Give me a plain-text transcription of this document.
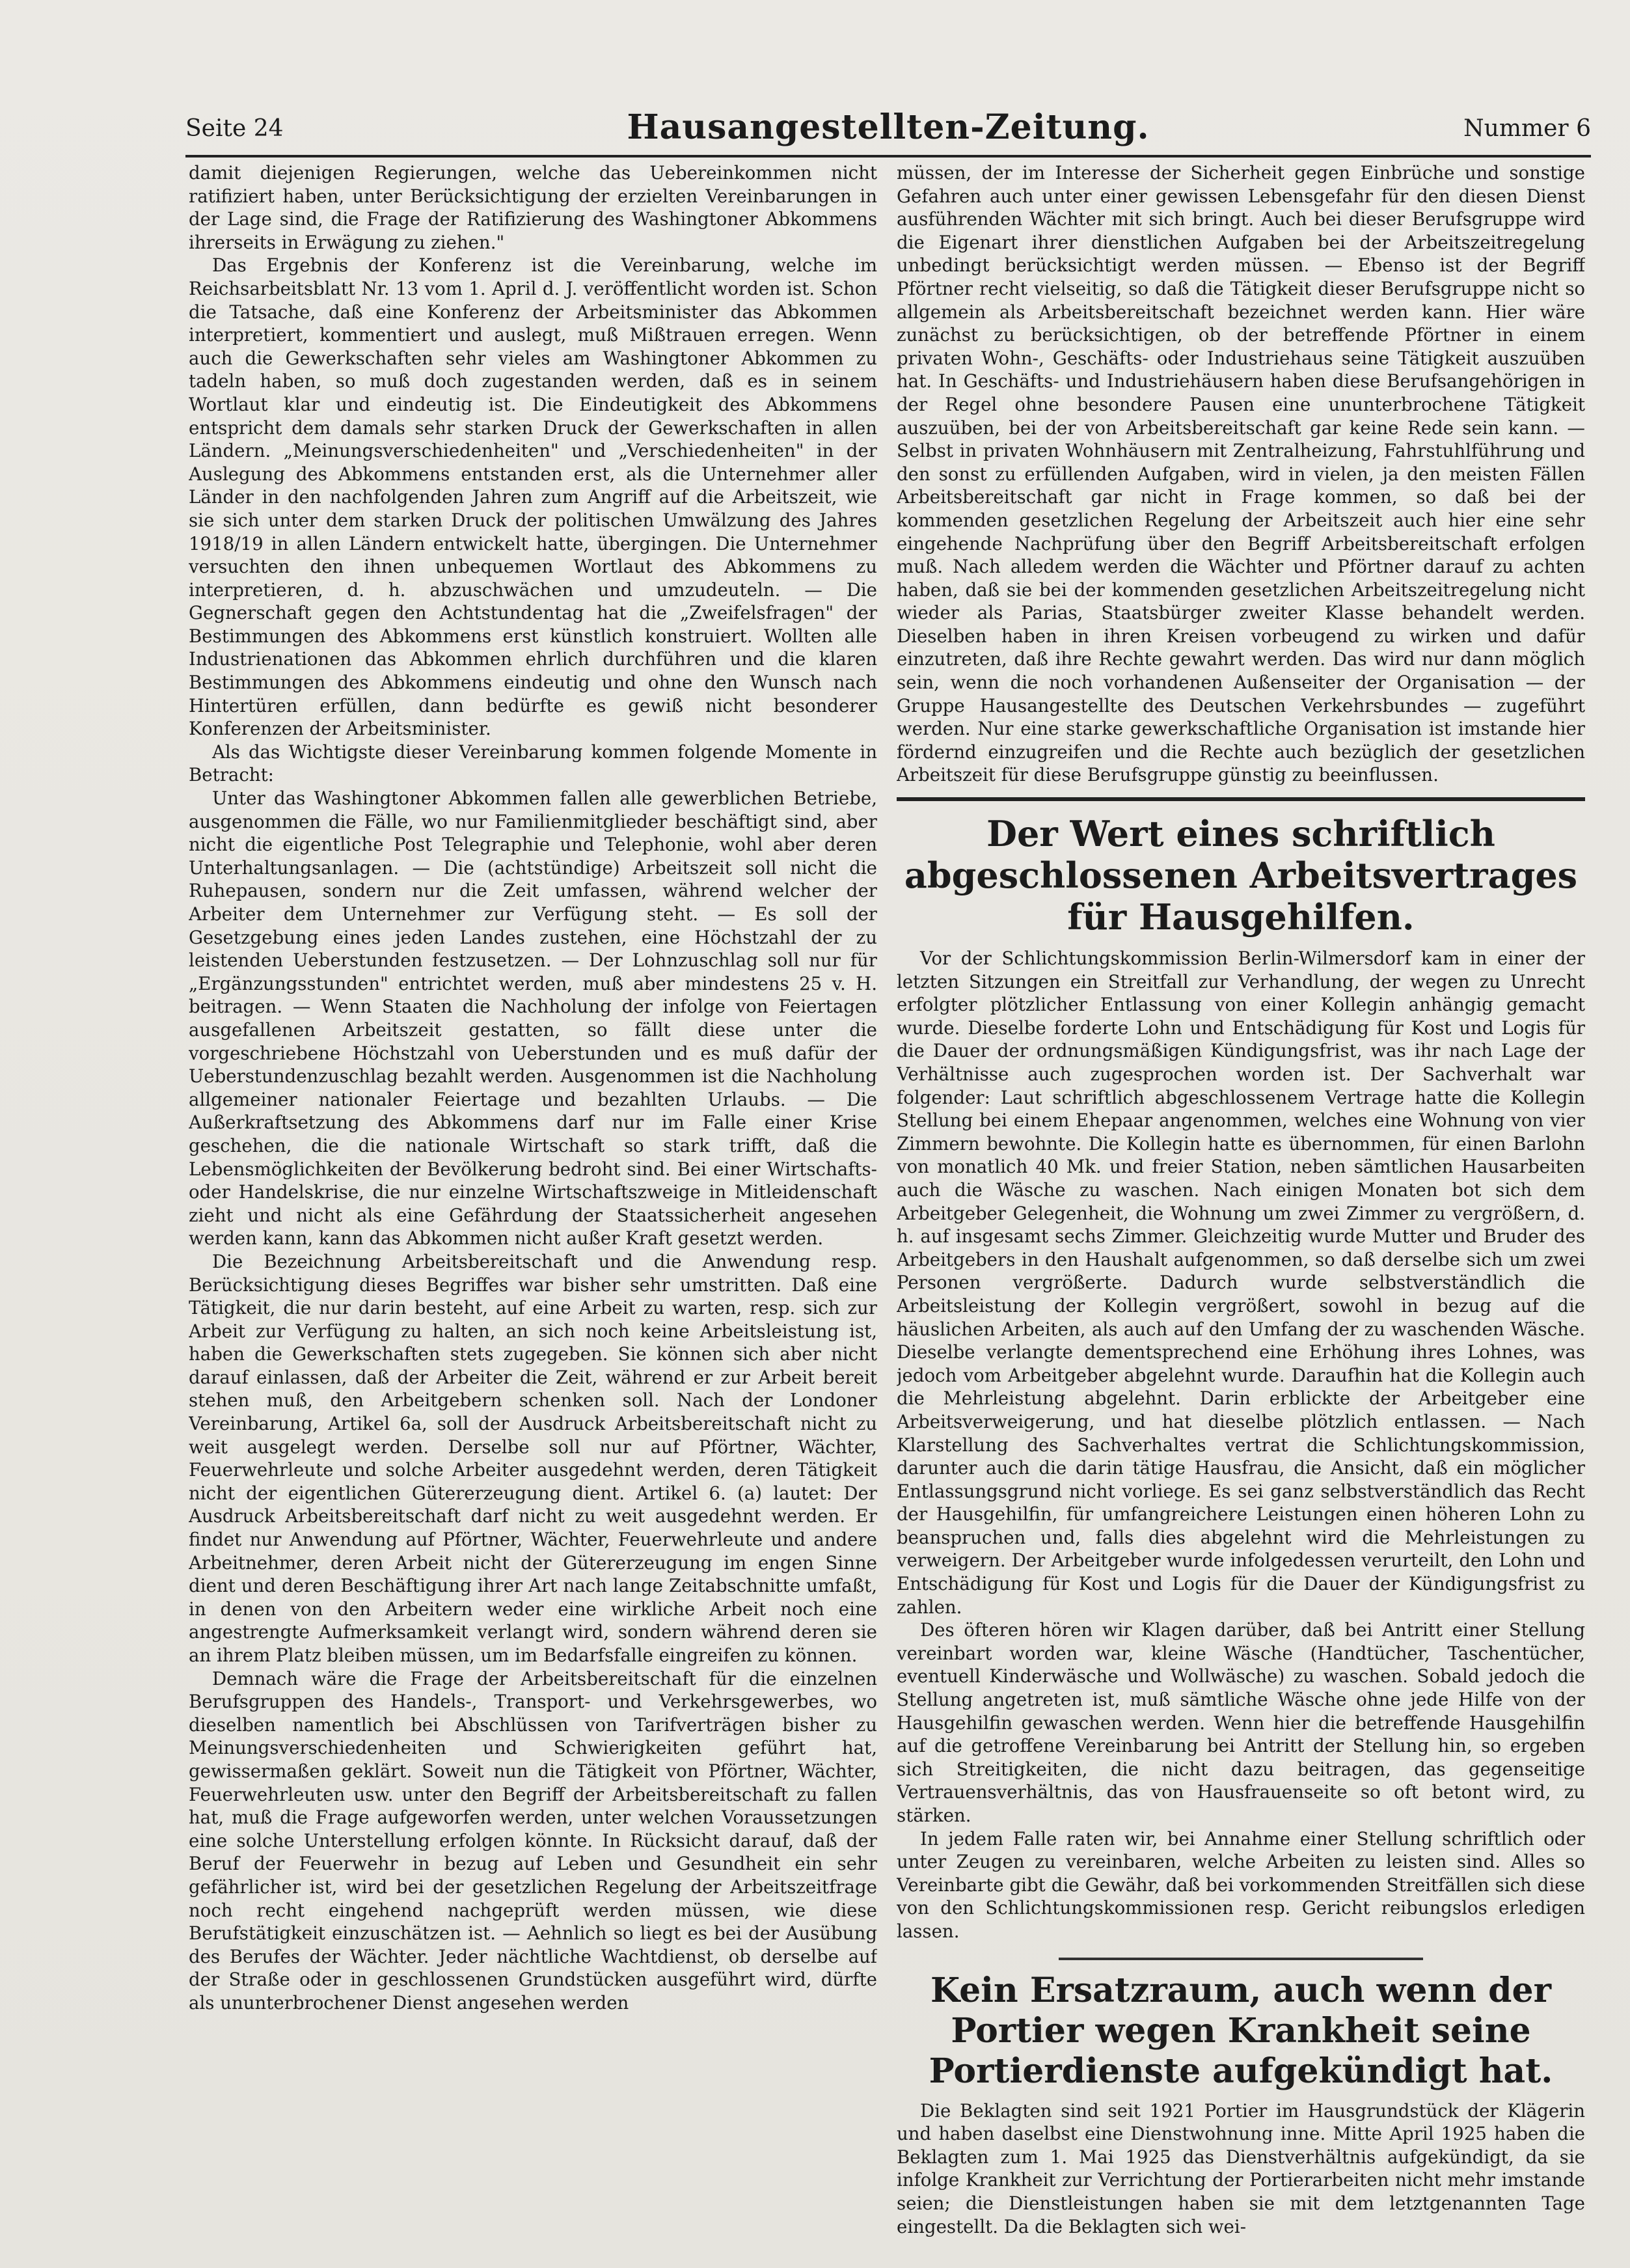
Seite 24	Hausangestellten-Zeitung.	Nummer 6

damit diejenigen Regierungen, welche das Uebereinkommen nicht ratifiziert haben, unter Berücksichtigung der erzielten Vereinbarungen in der Lage sind, die Frage der Ratifizierung des Washingtoner Abkommens ihrerseits in Erwägung zu ziehen."

Das Ergebnis der Konferenz ist die Vereinbarung, welche im Reichsarbeitsblatt Nr. 13 vom 1. April d. J. veröffentlicht worden ist. Schon die Tatsache, daß eine Konferenz der Arbeitsminister das Abkommen interpretiert, kommentiert und auslegt, muß Mißtrauen erregen. Wenn auch die Gewerkschaften sehr vieles am Washingtoner Abkommen zu tadeln haben, so muß doch zugestanden werden, daß es in seinem Wortlaut klar und eindeutig ist. Die Eindeutigkeit des Abkommens entspricht dem damals sehr starken Druck der Gewerkschaften in allen Ländern. „Meinungsverschiedenheiten" und „Verschiedenheiten" in der Auslegung des Abkommens entstanden erst, als die Unternehmer aller Länder in den nachfolgenden Jahren zum Angriff auf die Arbeitszeit, wie sie sich unter dem starken Druck der politischen Umwälzung des Jahres 1918/19 in allen Ländern entwickelt hatte, übergingen. Die Unternehmer versuchten den ihnen unbequemen Wortlaut des Abkommens zu interpretieren, d. h. abzuschwächen und umzudeuteln. — Die Gegnerschaft gegen den Achtstundentag hat die „Zweifelsfragen" der Bestimmungen des Abkommens erst künstlich konstruiert. Wollten alle Industrienationen das Abkommen ehrlich durchführen und die klaren Bestimmungen des Abkommens eindeutig und ohne den Wunsch nach Hintertüren erfüllen, dann bedürfte es gewiß nicht besonderer Konferenzen der Arbeitsminister.

Als das Wichtigste dieser Vereinbarung kommen folgende Momente in Betracht:

Unter das Washingtoner Abkommen fallen alle gewerblichen Betriebe, ausgenommen die Fälle, wo nur Familienmitglieder beschäftigt sind, aber nicht die eigentliche Post Telegraphie und Telephonie, wohl aber deren Unterhaltungsanlagen. — Die (achtstündige) Arbeitszeit soll nicht die Ruhepausen, sondern nur die Zeit umfassen, während welcher der Arbeiter dem Unternehmer zur Verfügung steht. — Es soll der Gesetzgebung eines jeden Landes zustehen, eine Höchstzahl der zu leistenden Ueberstunden festzusetzen. — Der Lohnzuschlag soll nur für „Ergänzungsstunden" entrichtet werden, muß aber mindestens 25 v. H. beitragen. — Wenn Staaten die Nachholung der infolge von Feiertagen ausgefallenen Arbeitszeit gestatten, so fällt diese unter die vorgeschriebene Höchstzahl von Ueberstunden und es muß dafür der Ueberstundenzuschlag bezahlt werden. Ausgenommen ist die Nachholung allgemeiner nationaler Feiertage und bezahlten Urlaubs. — Die Außerkraftsetzung des Abkommens darf nur im Falle einer Krise geschehen, die die nationale Wirtschaft so stark trifft, daß die Lebensmöglichkeiten der Bevölkerung bedroht sind. Bei einer Wirtschafts- oder Handelskrise, die nur einzelne Wirtschaftszweige in Mitleidenschaft zieht und nicht als eine Gefährdung der Staatssicherheit angesehen werden kann, kann das Abkommen nicht außer Kraft gesetzt werden.

Die Bezeichnung Arbeitsbereitschaft und die Anwendung resp. Berücksichtigung dieses Begriffes war bisher sehr umstritten. Daß eine Tätigkeit, die nur darin besteht, auf eine Arbeit zu warten, resp. sich zur Arbeit zur Verfügung zu halten, an sich noch keine Arbeitsleistung ist, haben die Gewerkschaften stets zugegeben. Sie können sich aber nicht darauf einlassen, daß der Arbeiter die Zeit, während er zur Arbeit bereit stehen muß, den Arbeitgebern schenken soll. Nach der Londoner Vereinbarung, Artikel 6a, soll der Ausdruck Arbeitsbereitschaft nicht zu weit ausgelegt werden. Derselbe soll nur auf Pförtner, Wächter, Feuerwehrleute und solche Arbeiter ausgedehnt werden, deren Tätigkeit nicht der eigentlichen Gütererzeugung dient. Artikel 6. (a) lautet: Der Ausdruck Arbeitsbereitschaft darf nicht zu weit ausgedehnt werden. Er findet nur Anwendung auf Pförtner, Wächter, Feuerwehrleute und andere Arbeitnehmer, deren Arbeit nicht der Gütererzeugung im engen Sinne dient und deren Beschäftigung ihrer Art nach lange Zeitabschnitte umfaßt, in denen von den Arbeitern weder eine wirkliche Arbeit noch eine angestrengte Aufmerksamkeit verlangt wird, sondern während deren sie an ihrem Platz bleiben müssen, um im Bedarfsfalle eingreifen zu können.

Demnach wäre die Frage der Arbeitsbereitschaft für die einzelnen Berufsgruppen des Handels-, Transport- und Verkehrsgewerbes, wo dieselben namentlich bei Abschlüssen von Tarifverträgen bisher zu Meinungsverschiedenheiten und Schwierigkeiten geführt hat, gewissermaßen geklärt. Soweit nun die Tätigkeit von Pförtner, Wächter, Feuerwehrleuten usw. unter den Begriff der Arbeitsbereitschaft zu fallen hat, muß die Frage aufgeworfen werden, unter welchen Voraussetzungen eine solche Unterstellung erfolgen könnte. In Rücksicht darauf, daß der Beruf der Feuerwehr in bezug auf Leben und Gesundheit ein sehr gefährlicher ist, wird bei der gesetzlichen Regelung der Arbeitszeitfrage noch recht eingehend nachgeprüft werden müssen, wie diese Berufstätigkeit einzuschätzen ist. — Aehnlich so liegt es bei der Ausübung des Berufes der Wächter. Jeder nächtliche Wachtdienst, ob derselbe auf der Straße oder in geschlossenen Grundstücken ausgeführt wird, dürfte als ununterbrochener Dienst angesehen werden

müssen, der im Interesse der Sicherheit gegen Einbrüche und sonstige Gefahren auch unter einer gewissen Lebensgefahr für den diesen Dienst ausführenden Wächter mit sich bringt. Auch bei dieser Berufsgruppe wird die Eigenart ihrer dienstlichen Aufgaben bei der Arbeitszeitregelung unbedingt berücksichtigt werden müssen. — Ebenso ist der Begriff Pförtner recht vielseitig, so daß die Tätigkeit dieser Berufsgruppe nicht so allgemein als Arbeitsbereitschaft bezeichnet werden kann. Hier wäre zunächst zu berücksichtigen, ob der betreffende Pförtner in einem privaten Wohn-, Geschäfts- oder Industriehaus seine Tätigkeit auszuüben hat. In Geschäfts- und Industriehäusern haben diese Berufsangehörigen in der Regel ohne besondere Pausen eine ununterbrochene Tätigkeit auszuüben, bei der von Arbeitsbereitschaft gar keine Rede sein kann. — Selbst in privaten Wohnhäusern mit Zentralheizung, Fahrstuhlführung und den sonst zu erfüllenden Aufgaben, wird in vielen, ja den meisten Fällen Arbeitsbereitschaft gar nicht in Frage kommen, so daß bei der kommenden gesetzlichen Regelung der Arbeitszeit auch hier eine sehr eingehende Nachprüfung über den Begriff Arbeitsbereitschaft erfolgen muß. Nach alledem werden die Wächter und Pförtner darauf zu achten haben, daß sie bei der kommenden gesetzlichen Arbeitszeitregelung nicht wieder als Parias, Staatsbürger zweiter Klasse behandelt werden. Dieselben haben in ihren Kreisen vorbeugend zu wirken und dafür einzutreten, daß ihre Rechte gewahrt werden. Das wird nur dann möglich sein, wenn die noch vorhandenen Außenseiter der Organisation — der Gruppe Hausangestellte des Deutschen Verkehrsbundes — zugeführt werden. Nur eine starke gewerkschaftliche Organisation ist imstande hier fördernd einzugreifen und die Rechte auch bezüglich der gesetzlichen Arbeitszeit für diese Berufsgruppe günstig zu beeinflussen.

Der Wert eines schriftlich abgeschlossenen Arbeitsvertrages für Hausgehilfen.

Vor der Schlichtungskommission Berlin-Wilmersdorf kam in einer der letzten Sitzungen ein Streitfall zur Verhandlung, der wegen zu Unrecht erfolgter plötzlicher Entlassung von einer Kollegin anhängig gemacht wurde. Dieselbe forderte Lohn und Entschädigung für Kost und Logis für die Dauer der ordnungsmäßigen Kündigungsfrist, was ihr nach Lage der Verhältnisse auch zugesprochen worden ist. Der Sachverhalt war folgender: Laut schriftlich abgeschlossenem Vertrage hatte die Kollegin Stellung bei einem Ehepaar angenommen, welches eine Wohnung von vier Zimmern bewohnte. Die Kollegin hatte es übernommen, für einen Barlohn von monatlich 40 Mk. und freier Station, neben sämtlichen Hausarbeiten auch die Wäsche zu waschen. Nach einigen Monaten bot sich dem Arbeitgeber Gelegenheit, die Wohnung um zwei Zimmer zu vergrößern, d. h. auf insgesamt sechs Zimmer. Gleichzeitig wurde Mutter und Bruder des Arbeitgebers in den Haushalt aufgenommen, so daß derselbe sich um zwei Personen vergrößerte. Dadurch wurde selbstverständlich die Arbeitsleistung der Kollegin vergrößert, sowohl in bezug auf die häuslichen Arbeiten, als auch auf den Umfang der zu waschenden Wäsche. Dieselbe verlangte dementsprechend eine Erhöhung ihres Lohnes, was jedoch vom Arbeitgeber abgelehnt wurde. Daraufhin hat die Kollegin auch die Mehrleistung abgelehnt. Darin erblickte der Arbeitgeber eine Arbeitsverweigerung, und hat dieselbe plötzlich entlassen. — Nach Klarstellung des Sachverhaltes vertrat die Schlichtungskommission, darunter auch die darin tätige Hausfrau, die Ansicht, daß ein möglicher Entlassungsgrund nicht vorliege. Es sei ganz selbstverständlich das Recht der Hausgehilfin, für umfangreichere Leistungen einen höheren Lohn zu beanspruchen und, falls dies abgelehnt wird die Mehrleistungen zu verweigern. Der Arbeitgeber wurde infolgedessen verurteilt, den Lohn und Entschädigung für Kost und Logis für die Dauer der Kündigungsfrist zu zahlen.

Des öfteren hören wir Klagen darüber, daß bei Antritt einer Stellung vereinbart worden war, kleine Wäsche (Handtücher, Taschentücher, eventuell Kinderwäsche und Wollwäsche) zu waschen. Sobald jedoch die Stellung angetreten ist, muß sämtliche Wäsche ohne jede Hilfe von der Hausgehilfin gewaschen werden. Wenn hier die betreffende Hausgehilfin auf die getroffene Vereinbarung bei Antritt der Stellung hin, so ergeben sich Streitigkeiten, die nicht dazu beitragen, das gegenseitige Vertrauensverhältnis, das von Hausfrauenseite so oft betont wird, zu stärken.

In jedem Falle raten wir, bei Annahme einer Stellung schriftlich oder unter Zeugen zu vereinbaren, welche Arbeiten zu leisten sind. Alles so Vereinbarte gibt die Gewähr, daß bei vorkommenden Streitfällen sich diese von den Schlichtungskommissionen resp. Gericht reibungslos erledigen lassen.

Kein Ersatzraum, auch wenn der Portier wegen Krankheit seine Portierdienste aufgekündigt hat.

Die Beklagten sind seit 1921 Portier im Hausgrundstück der Klägerin und haben daselbst eine Dienstwohnung inne. Mitte April 1925 haben die Beklagten zum 1. Mai 1925 das Dienstverhältnis aufgekündigt, da sie infolge Krankheit zur Verrichtung der Portierarbeiten nicht mehr imstande seien; die Dienstleistungen haben sie mit dem letztgenannten Tage eingestellt. Da die Beklagten sich wei-
